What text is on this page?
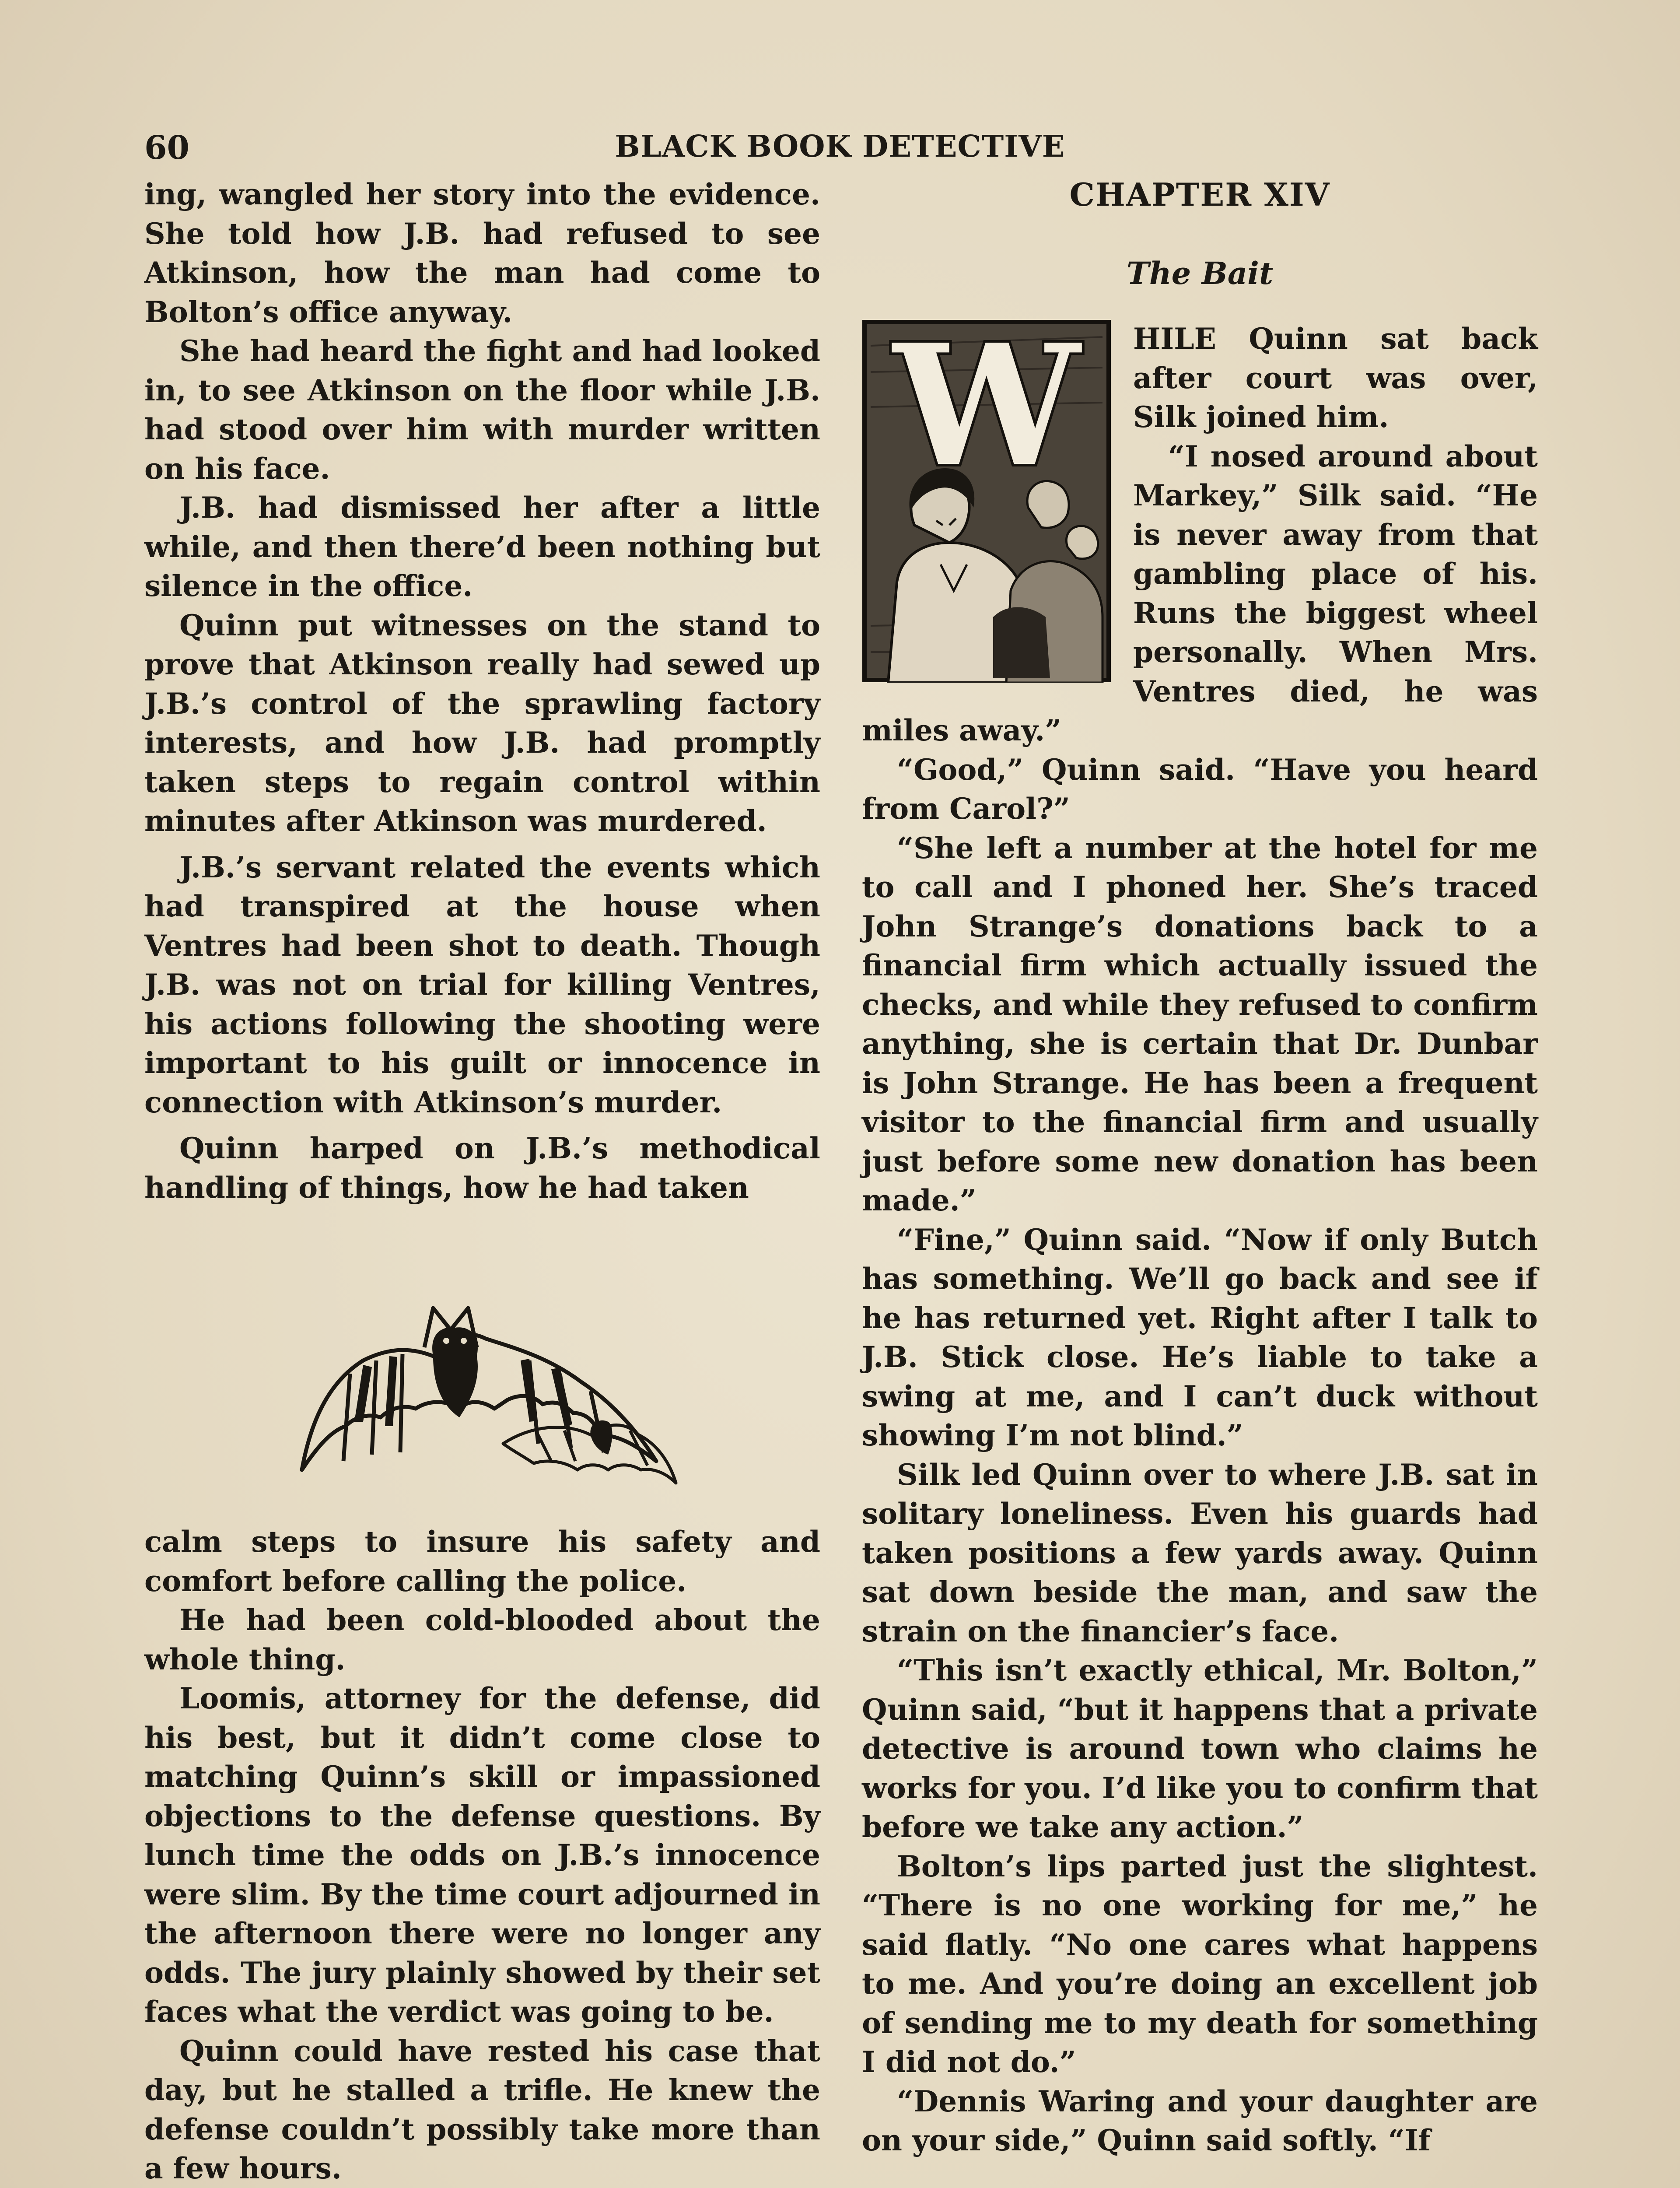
60	BLACK BOOK DETECTIVE

ing, wangled her story into the evidence. She told how J.B. had refused to see Atkinson, how the man had come to Bolton’s office anyway.

She had heard the fight and had looked in, to see Atkinson on the floor while J.B. had stood over him with murder written on his face.

J.B. had dismissed her after a little while, and then there’d been nothing but silence in the office.

Quinn put witnesses on the stand to prove that Atkinson really had sewed up J.B.’s control of the sprawling factory interests, and how J.B. had promptly taken steps to regain control within minutes after Atkinson was murdered.

J.B.’s servant related the events which had transpired at the house when Ventres had been shot to death. Though J.B. was not on trial for killing Ventres, his actions following the shooting were important to his guilt or innocence in connection with Atkinson’s murder.

Quinn harped on J.B.’s methodical handling of things, how he had taken

calm steps to insure his safety and comfort before calling the police.

He had been cold-blooded about the whole thing.

Loomis, attorney for the defense, did his best, but it didn’t come close to matching Quinn’s skill or impassioned objections to the defense questions. By lunch time the odds on J.B.’s innocence were slim. By the time court adjourned in the afternoon there were no longer any odds. The jury plainly showed by their set faces what the verdict was going to be.

Quinn could have rested his case that day, but he stalled a trifle. He knew the defense couldn’t possibly take more than a few hours.

CHAPTER XIV
The Bait
W	HILE Quinn sat back after court was over, Silk joined him.

“I nosed around about Markey,” Silk said. “He is never away from that gambling place of his. Runs the biggest wheel personally. When Mrs. Ventres died, he was miles away.”

“Good,” Quinn said. “Have you heard from Carol?”

“She left a number at the hotel for me to call and I phoned her. She’s traced John Strange’s donations back to a financial firm which actually issued the checks, and while they refused to confirm anything, she is certain that Dr. Dunbar is John Strange. He has been a frequent visitor to the financial firm and usually just before some new donation has been made.”

“Fine,” Quinn said. “Now if only Butch has something. We’ll go back and see if he has returned yet. Right after I talk to J.B. Stick close. He’s liable to take a swing at me, and I can’t duck without showing I’m not blind.”

Silk led Quinn over to where J.B. sat in solitary loneliness. Even his guards had taken positions a few yards away. Quinn sat down beside the man, and saw the strain on the financier’s face.

“This isn’t exactly ethical, Mr. Bolton,” Quinn said, “but it happens that a private detective is around town who claims he works for you. I’d like you to confirm that before we take any action.”

Bolton’s lips parted just the slightest. “There is no one working for me,” he said flatly. “No one cares what happens to me. And you’re doing an excellent job of sending me to my death for something I did not do.”

“Dennis Waring and your daughter are on your side,” Quinn said softly. “If
